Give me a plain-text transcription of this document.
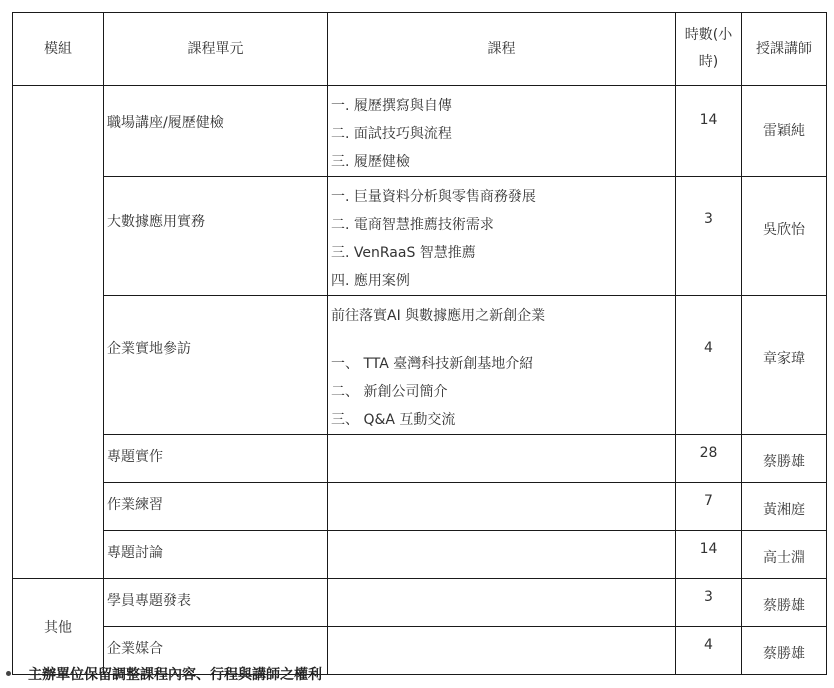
模組	課程單元	課程	時數(小時)	授課講師
	職場講座/履歷健檢	一. 履歷撰寫與自傳
二. 面試技巧與流程
三. 履歷健檢	14	雷穎純
	大數據應用實務	一. 巨量資料分析與零售商務發展
二. 電商智慧推薦技術需求
三. VenRaaS 智慧推薦
四. 應用案例	3	吳欣怡
	企業實地參訪	前往落實AI 與數據應用之新創企業
一、 TTA 臺灣科技新創基地介紹
二、 新創公司簡介
三、 Q&A 互動交流	4	章家瑋
	專題實作		28	蔡勝雄
	作業練習		7	黃湘庭
	專題討論		14	高士淵
其他	學員專題發表		3	蔡勝雄
	企業媒合		4	蔡勝雄
主辦單位保留調整課程內容、行程與講師之權利
